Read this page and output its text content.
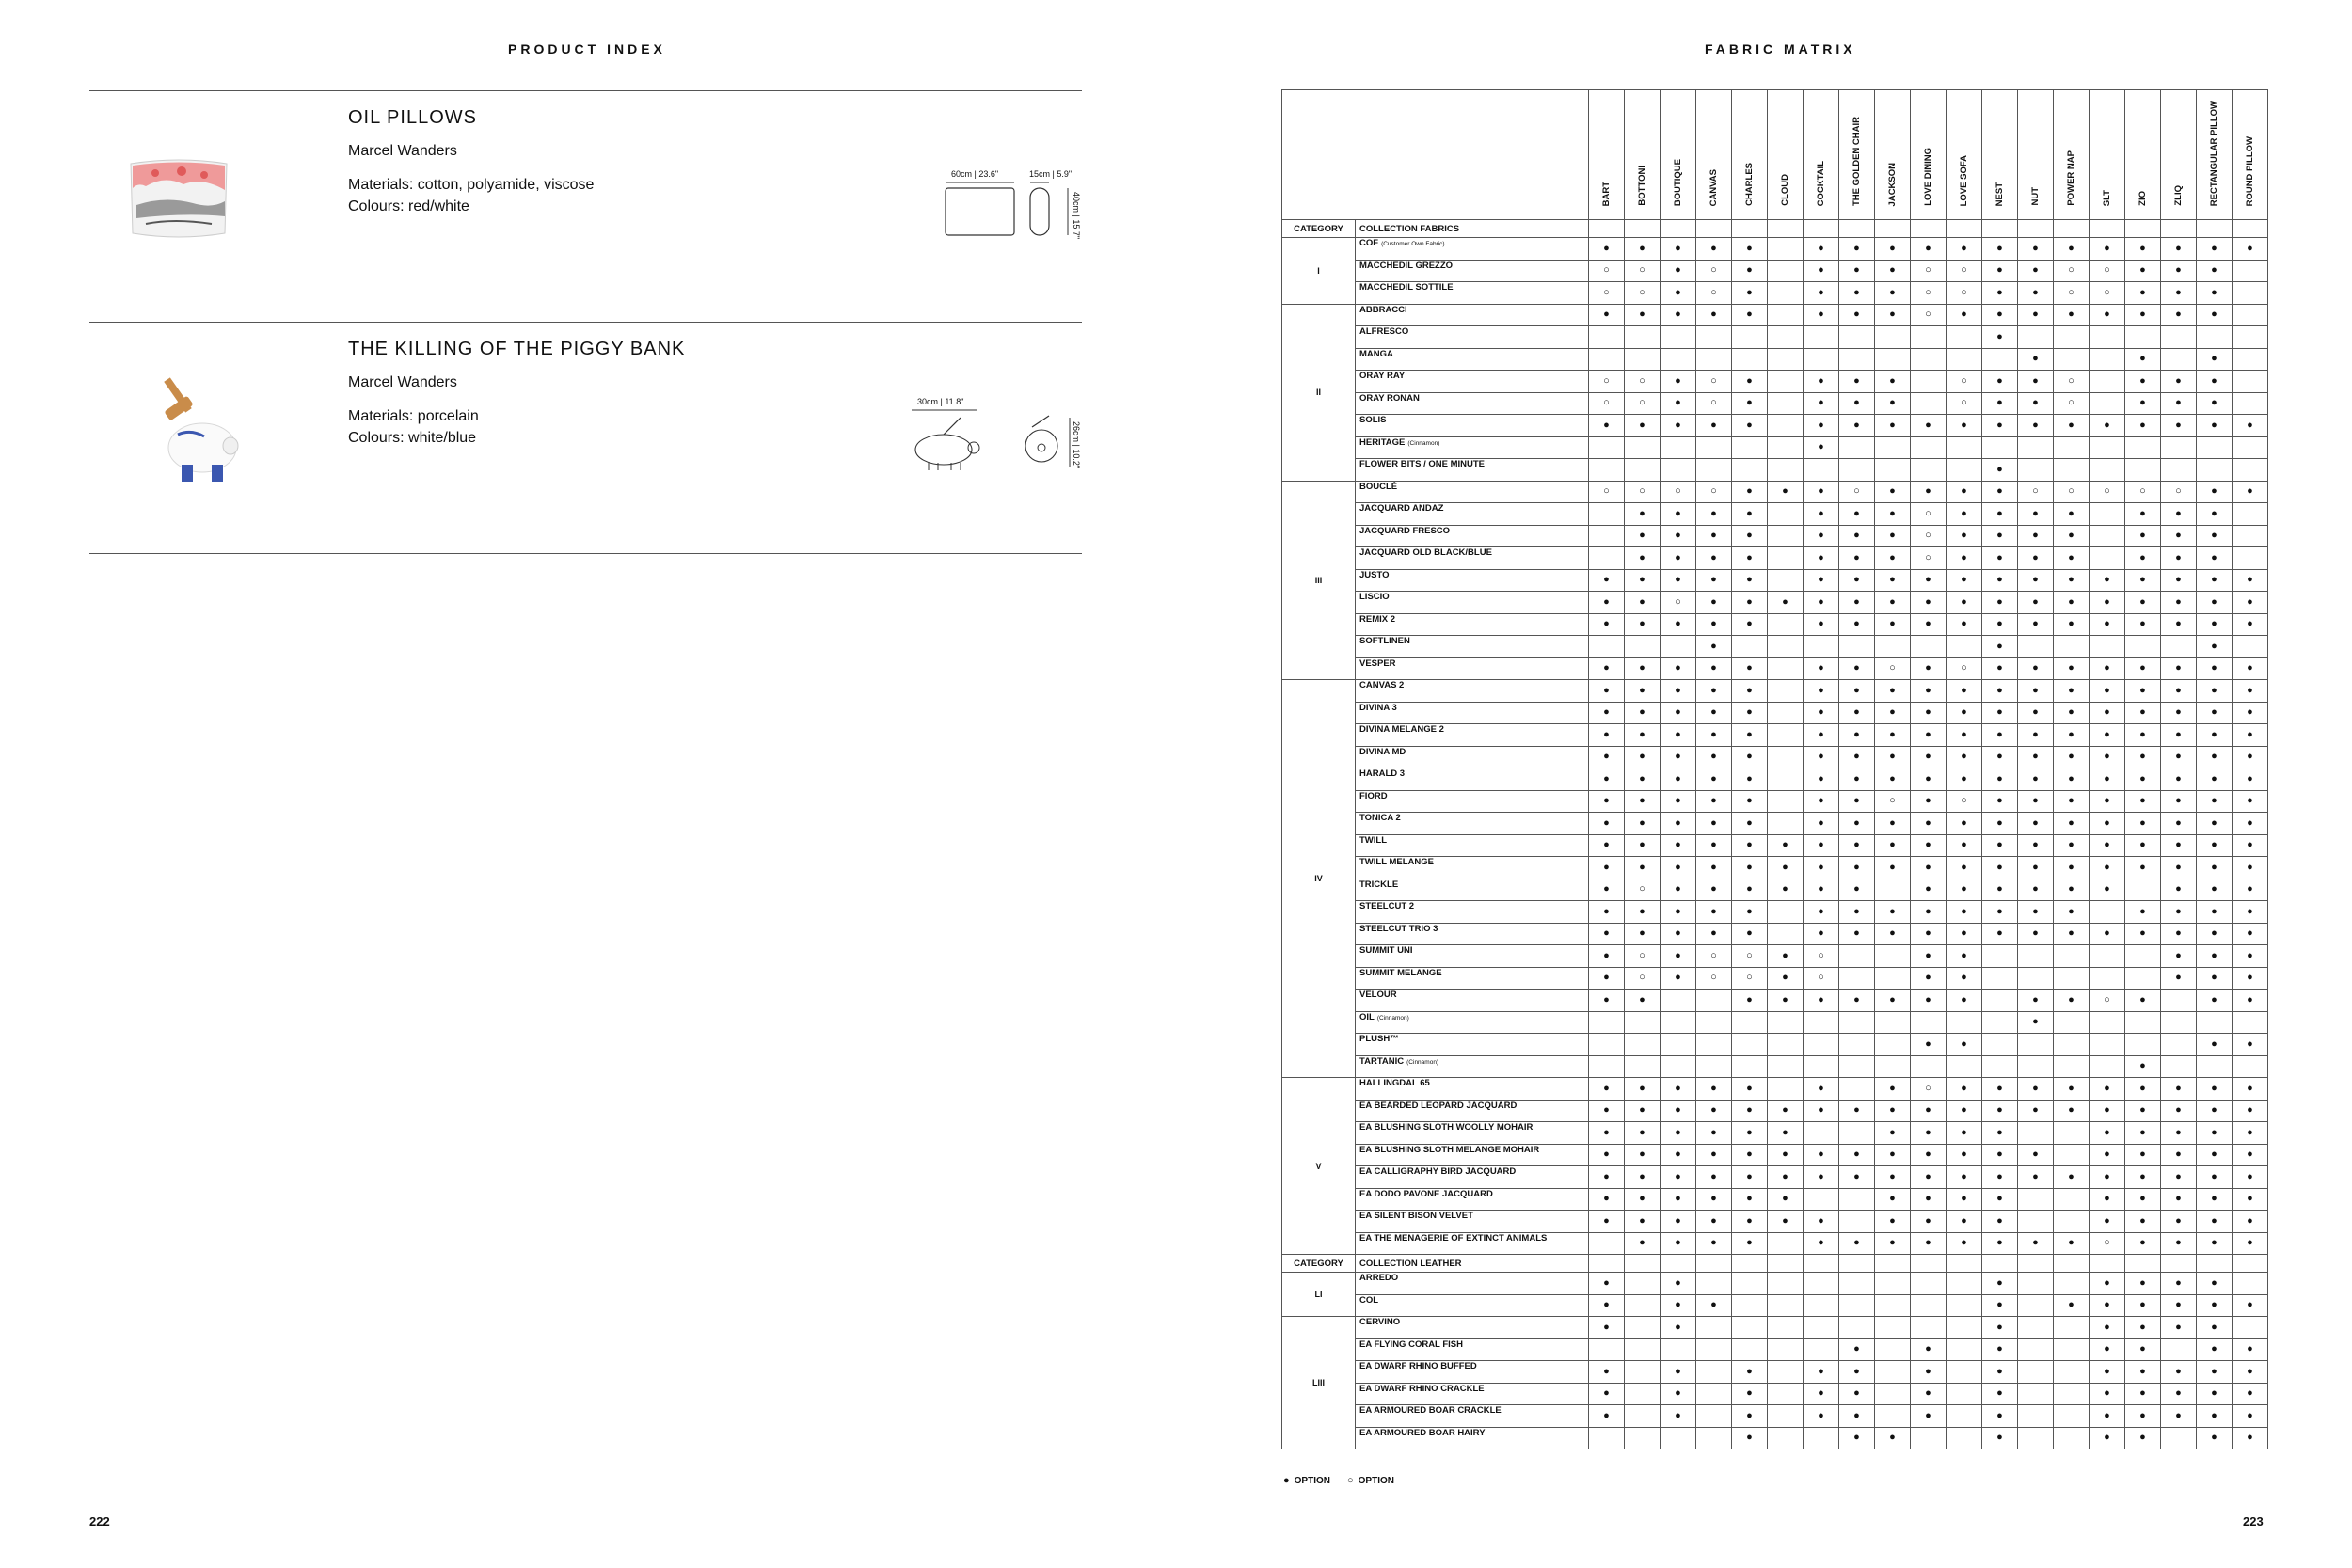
PRODUCT INDEX
OIL PILLOWS
Marcel Wanders
Materials: cotton, polyamide, viscose
Colours: red/white
60cm | 23.6"	15cm | 5.9"
40cm | 15.7"
THE KILLING OF THE PIGGY BANK
Marcel Wanders
Materials: porcelain
Colours: white/blue
30cm | 11.8"
26cm | 10.2"
222
FABRIC MATRIX

		BART	BOTTONI	BOUTIQUE	CANVAS	CHARLES	CLOUD	COCKTAIL	THE GOLDEN CHAIR	JACKSON	LOVE DINING	LOVE SOFA	NEST	NUT	POWER NAP	SLT	ZIO	ZLIQ	RECTANGULAR PILLOW	ROUND PILLOW

CATEGORY	COLLECTION FABRICS																			
I	COF (Customer Own Fabric)	●	●	●	●	●		●	●	●	●	●	●	●	●	●	●	●	●	●
	MACCHEDIL GREZZO	○	○	●	○	●		●	●	●	○	○	●	●	○	○	●	●	●	
	MACCHEDIL SOTTILE	○	○	●	○	●		●	●	●	○	○	●	●	○	○	●	●	●	
II	ABBRACCI	●	●	●	●	●		●	●	●	○	●	●	●	●	●	●	●	●	
	ALFRESCO												●							
	MANGA													●			●		●	
	ORAY RAY	○	○	●	○	●		●	●	●		○	●	●	○		●	●	●	
	ORAY RONAN	○	○	●	○	●		●	●	●		○	●	●	○		●	●	●	
	SOLIS	●	●	●	●	●		●	●	●	●	●	●	●	●	●	●	●	●	●
	HERITAGE (Cinnamon)							●												
	FLOWER BITS / ONE MINUTE												●							
III	BOUCLÉ	○	○	○	○	●	●	●	○	●	●	●	●	○	○	○	○	○	●	●
	JACQUARD ANDAZ		●	●	●	●		●	●	●	○	●	●	●	●		●	●	●	
	JACQUARD FRESCO		●	●	●	●		●	●	●	○	●	●	●	●		●	●	●	
	JACQUARD OLD BLACK/BLUE		●	●	●	●		●	●	●	○	●	●	●	●		●	●	●	
	JUSTO	●	●	●	●	●		●	●	●	●	●	●	●	●	●	●	●	●	●
	LISCIO	●	●	○	●	●	●	●	●	●	●	●	●	●	●	●	●	●	●	●
	REMIX 2	●	●	●	●	●		●	●	●	●	●	●	●	●	●	●	●	●	●
	SOFTLINEN				●								●						●	
	VESPER	●	●	●	●	●		●	●	○	●	○	●	●	●	●	●	●	●	●
IV	CANVAS 2	●	●	●	●	●		●	●	●	●	●	●	●	●	●	●	●	●	●
	DIVINA 3	●	●	●	●	●		●	●	●	●	●	●	●	●	●	●	●	●	●
	DIVINA MELANGE 2	●	●	●	●	●		●	●	●	●	●	●	●	●	●	●	●	●	●
	DIVINA MD	●	●	●	●	●		●	●	●	●	●	●	●	●	●	●	●	●	●
	HARALD 3	●	●	●	●	●		●	●	●	●	●	●	●	●	●	●	●	●	●
	FIORD	●	●	●	●	●		●	●	○	●	○	●	●	●	●	●	●	●	●
	TONICA 2	●	●	●	●	●		●	●	●	●	●	●	●	●	●	●	●	●	●
	TWILL	●	●	●	●	●	●	●	●	●	●	●	●	●	●	●	●	●	●	●
	TWILL MELANGE	●	●	●	●	●	●	●	●	●	●	●	●	●	●	●	●	●	●	●
	TRICKLE	●	○	●	●	●	●	●	●		●	●	●	●	●	●		●	●	●
	STEELCUT 2	●	●	●	●	●		●	●	●	●	●	●	●	●		●	●	●	●
	STEELCUT TRIO 3	●	●	●	●	●		●	●	●	●	●	●	●	●	●	●	●	●	●
	SUMMIT UNI	●	○	●	○	○	●	○			●	●						●	●	●
	SUMMIT MELANGE	●	○	●	○	○	●	○			●	●						●	●	●
	VELOUR	●	●			●	●	●	●	●	●	●		●	●	○	●		●	●
	OIL (Cinnamon)													●						
	PLUSH™										●	●							●	●
	TARTANIC (Cinnamon)																●			
V	HALLINGDAL 65	●	●	●	●	●		●		●	○	●	●	●	●	●	●	●	●	●
	EA BEARDED LEOPARD JACQUARD	●	●	●	●	●	●	●	●	●	●	●	●	●	●	●	●	●	●	●
	EA BLUSHING SLOTH WOOLLY MOHAIR	●	●	●	●	●	●			●	●	●	●			●	●	●	●	●
	EA BLUSHING SLOTH MELANGE MOHAIR	●	●	●	●	●	●	●	●	●	●	●	●	●		●	●	●	●	●
	EA CALLIGRAPHY BIRD JACQUARD	●	●	●	●	●	●	●	●	●	●	●	●	●	●	●	●	●	●	●
	EA DODO PAVONE JACQUARD	●	●	●	●	●	●			●	●	●	●			●	●	●	●	●
	EA SILENT BISON VELVET	●	●	●	●	●	●	●		●	●	●	●			●	●	●	●	●
	EA THE MENAGERIE OF EXTINCT ANIMALS		●	●	●	●		●	●	●	●	●	●	●	●	○	●	●	●	●
CATEGORY	COLLECTION LEATHER																			
LI	ARREDO	●		●									●			●	●	●	●	
	COL	●		●	●								●		●	●	●	●	●	●
LIII	CERVINO	●		●									●			●	●	●	●	
	EA FLYING CORAL FISH								●		●		●			●	●		●	●
	EA DWARF RHINO BUFFED	●		●		●		●	●		●		●			●	●	●	●	●
	EA DWARF RHINO CRACKLE	●		●		●		●	●		●		●			●	●	●	●	●
	EA ARMOURED BOAR CRACKLE	●		●		●		●	●		●		●			●	●	●	●	●
	EA ARMOURED BOAR HAIRY					●			●	●			●			●	●		●	●
● OPTION ○ OPTION
223
